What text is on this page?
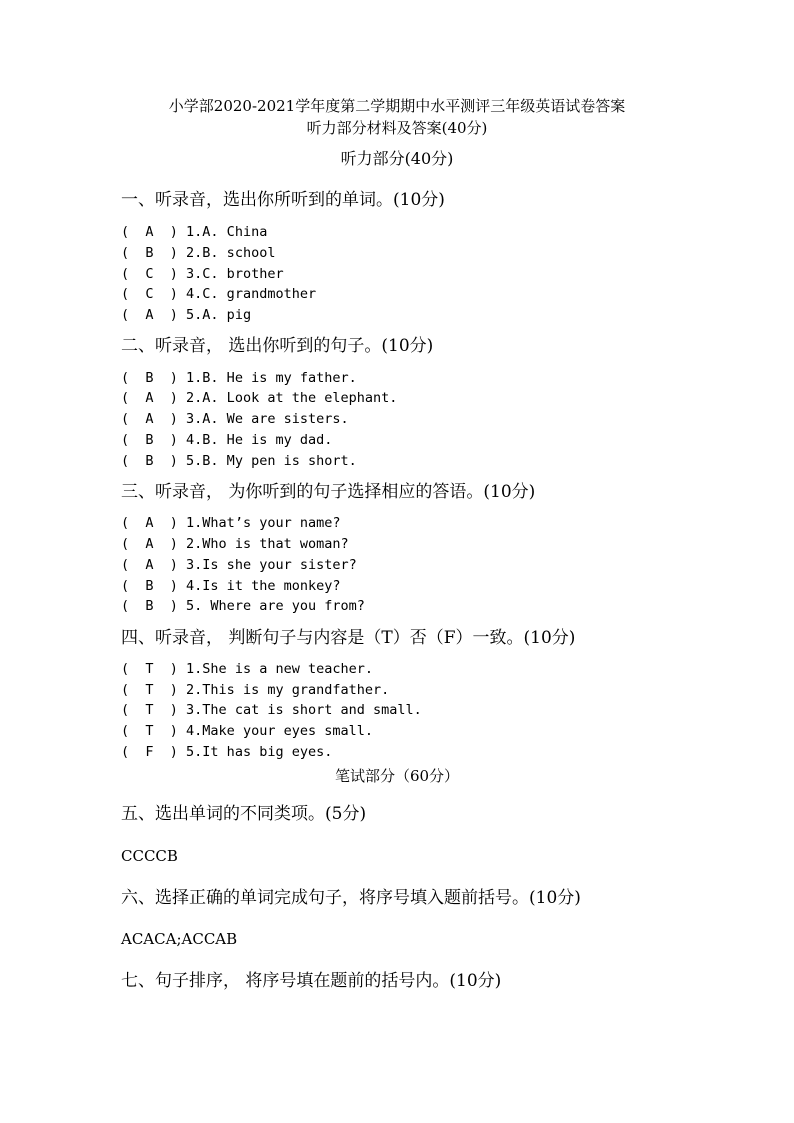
小学部2020-2021学年度第二学期期中水平测评三年级英语试卷答案
听力部分材料及答案(40分)
听力部分(40分)
一、听录音，选出你所听到的单词。(10分)
(  A  ) 1.A. China
(  B  ) 2.B. school
(  C  ) 3.C. brother
(  C  ) 4.C. grandmother
(  A  ) 5.A. pig
二、听录音， 选出你听到的句子。(10分)
(  B  ) 1.B. He is my father.
(  A  ) 2.A. Look at the elephant.
(  A  ) 3.A. We are sisters.
(  B  ) 4.B. He is my dad.
(  B  ) 5.B. My pen is short.
三、听录音， 为你听到的句子选择相应的答语。(10分)
(  A  ) 1.What’s your name?
(  A  ) 2.Who is that woman?
(  A  ) 3.Is she your sister?
(  B  ) 4.Is it the monkey?
(  B  ) 5. Where are you from?
四、听录音， 判断句子与内容是（T）否（F）一致。(10分)
(  T  ) 1.She is a new teacher.
(  T  ) 2.This is my grandfather.
(  T  ) 3.The cat is short and small.
(  T  ) 4.Make your eyes small.
(  F  ) 5.It has big eyes.
笔试部分（60分）
五、选出单词的不同类项。(5分)
CCCCB
六、选择正确的单词完成句子，将序号填入题前括号。(10分)
ACACA;ACCAB
七、句子排序， 将序号填在题前的括号内。(10分)
